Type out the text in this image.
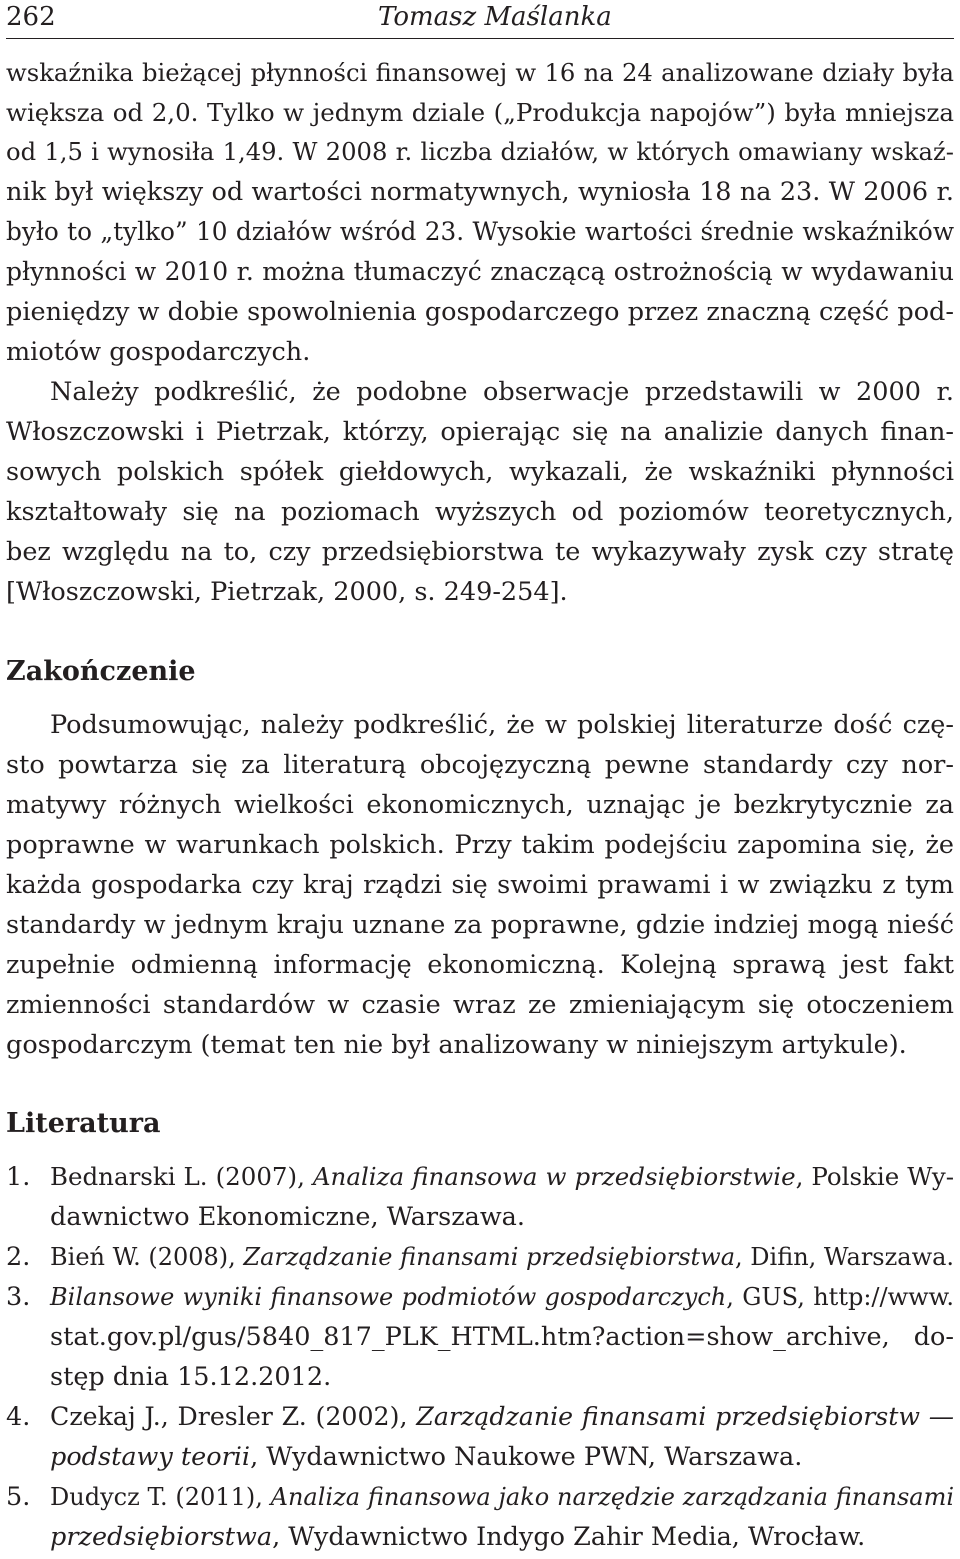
262	Tomasz Maślanka
wskaźnika bieżącej płynności finansowej w 16 na 24 analizowane działy była
większa od 2,0. Tylko w jednym dziale („Produkcja napojów”) była mniejsza
od 1,5 i wynosiła 1,49. W 2008 r. liczba działów, w których omawiany wskaź-
nik był większy od wartości normatywnych, wyniosła 18 na 23. W 2006 r.
było to „tylko” 10 działów wśród 23. Wysokie wartości średnie wskaźników
płynności w 2010 r. można tłumaczyć znaczącą ostrożnością w wydawaniu
pieniędzy w dobie spowolnienia gospodarczego przez znaczną część pod-
miotów gospodarczych.
Należy podkreślić, że podobne obserwacje przedstawili w 2000 r.
Włoszczowski i Pietrzak, którzy, opierając się na analizie danych finan-
sowych polskich spółek giełdowych, wykazali, że wskaźniki płynności
kształtowały się na poziomach wyższych od poziomów teoretycznych,
bez względu na to, czy przedsiębiorstwa te wykazywały zysk czy stratę
[Włoszczowski, Pietrzak, 2000, s. 249-254].
Zakończenie
Podsumowując, należy podkreślić, że w polskiej literaturze dość czę-
sto powtarza się za literaturą obcojęzyczną pewne standardy czy nor-
matywy różnych wielkości ekonomicznych, uznając je bezkrytycznie za
poprawne w warunkach polskich. Przy takim podejściu zapomina się, że
każda gospodarka czy kraj rządzi się swoimi prawami i w związku z tym
standardy w jednym kraju uznane za poprawne, gdzie indziej mogą nieść
zupełnie odmienną informację ekonomiczną. Kolejną sprawą jest fakt
zmienności standardów w czasie wraz ze zmieniającym się otoczeniem
gospodarczym (temat ten nie był analizowany w niniejszym artykule).
Literatura
1. Bednarski L. (2007), Analiza finansowa w przedsiębiorstwie, Polskie Wy-
dawnictwo Ekonomiczne, Warszawa.
2. Bień W. (2008), Zarządzanie finansami przedsiębiorstwa, Difin, Warszawa.
3. Bilansowe wyniki finansowe podmiotów gospodarczych, GUS, http://www.
stat.gov.pl/gus/5840_817_PLK_HTML.htm?action=show_archive, do-
stęp dnia 15.12.2012.
4. Czekaj J., Dresler Z. (2002), Zarządzanie finansami przedsiębiorstw —
podstawy teorii, Wydawnictwo Naukowe PWN, Warszawa.
5. Dudycz T. (2011), Analiza finansowa jako narzędzie zarządzania finansami
przedsiębiorstwa, Wydawnictwo Indygo Zahir Media, Wrocław.
